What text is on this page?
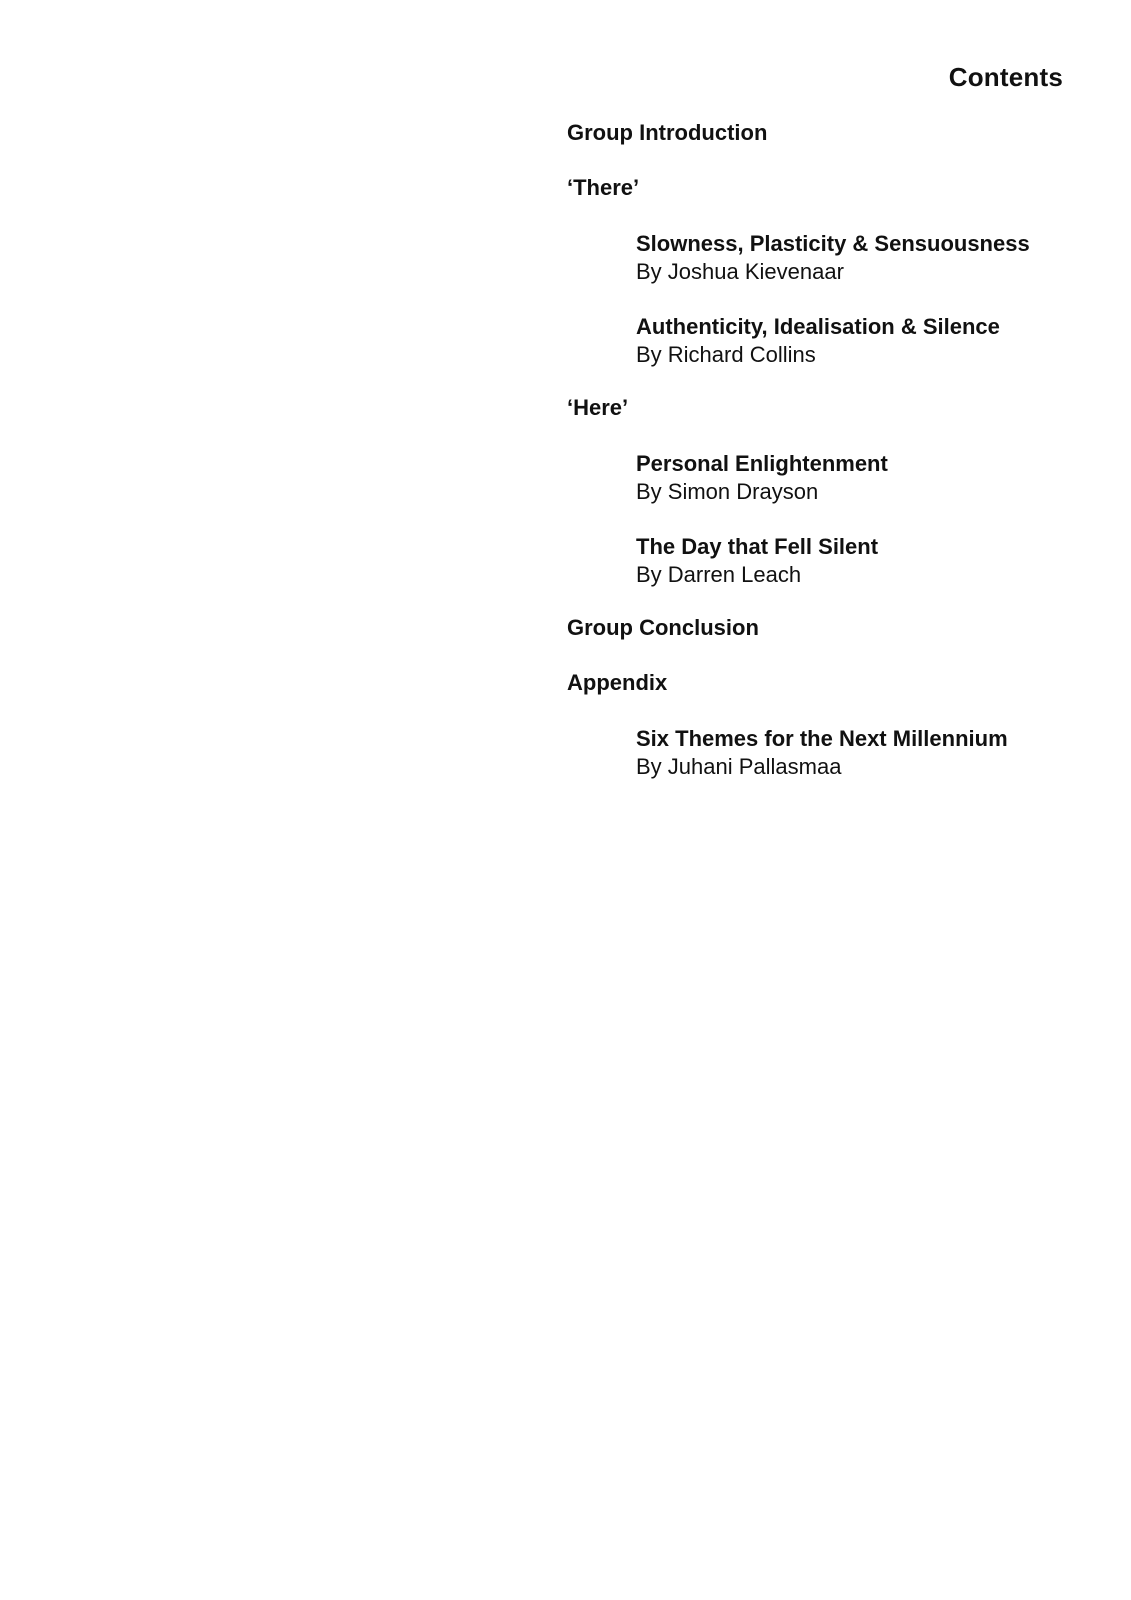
Contents
Group Introduction
‘There’
Slowness, Plasticity & Sensuousness
By Joshua Kievenaar
Authenticity, Idealisation & Silence
By Richard Collins
‘Here’
Personal Enlightenment
By Simon Drayson
The Day that Fell Silent
By Darren Leach
Group Conclusion
Appendix
Six Themes for the Next Millennium
By Juhani Pallasmaa
